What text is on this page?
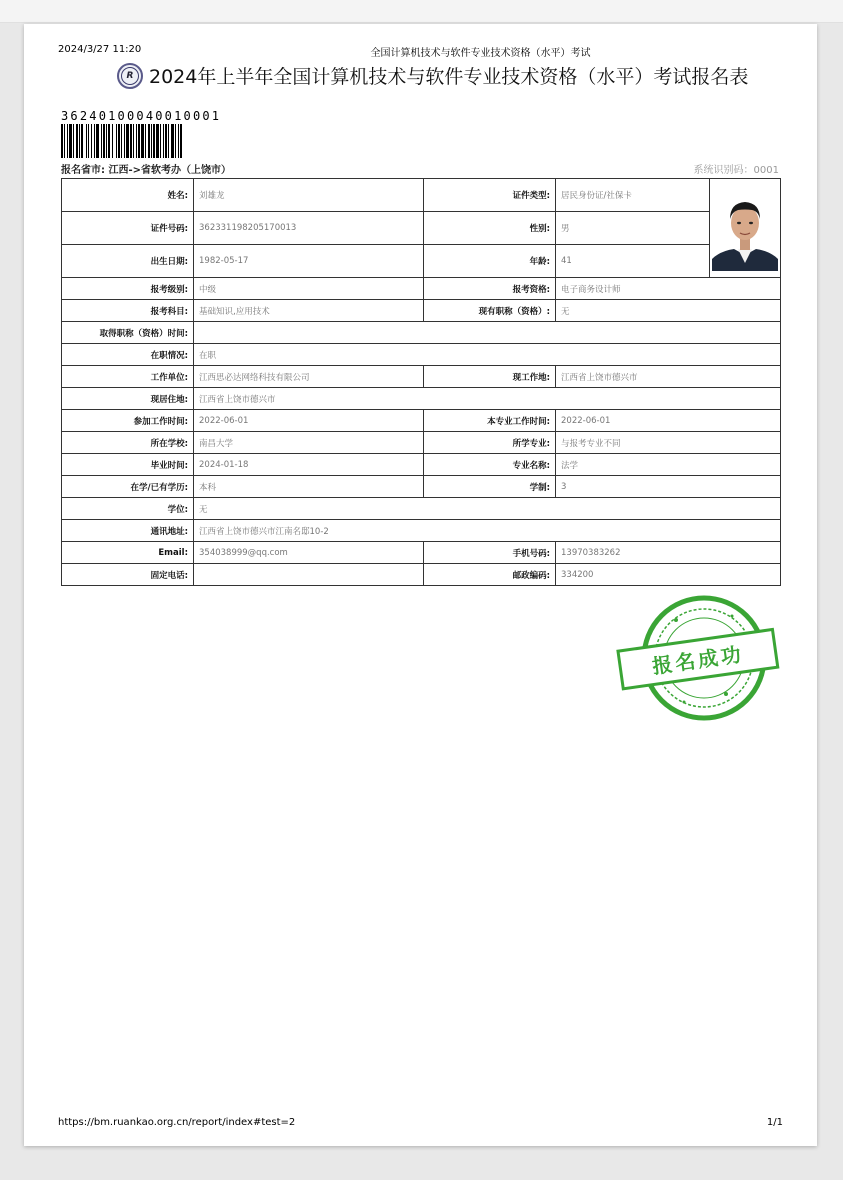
2024/3/27 11:20	全国计算机技术与软件专业技术资格（水平）考试
R 2024年上半年全国计算机技术与软件专业技术资格（水平）考试报名表
36240100040010001
报名省市: 江西->省软考办（上饶市）	系统识别码：0001
姓名:	刘雄龙	证件类型:	居民身份证/社保卡	

证件号码:	362331198205170013	性别:	男	
出生日期:	1982-05-17	年龄:	41	
报考级别:	中级	报考资格:	电子商务设计师	
报考科目:	基础知识,应用技术	现有职称（资格）:	无	
取得职称（资格）时间:				
在职情况:	在职			
工作单位:	江西思必达网络科技有限公司	现工作地:	江西省上饶市德兴市	
现居住地:	江西省上饶市德兴市			
参加工作时间:	2022-06-01	本专业工作时间:	2022-06-01	
所在学校:	南昌大学	所学专业:	与报考专业不同	
毕业时间:	2024-01-18	专业名称:	法学	
在学/已有学历:	本科	学制:	3	
学位:	无			
通讯地址:	江西省上饶市德兴市江南名邸10-2			
Email:	354038999@qq.com	手机号码:	13970383262	
固定电话:		邮政编码:	334200	
报名成功
https://bm.ruankao.org.cn/report/index#test=2	1/1
